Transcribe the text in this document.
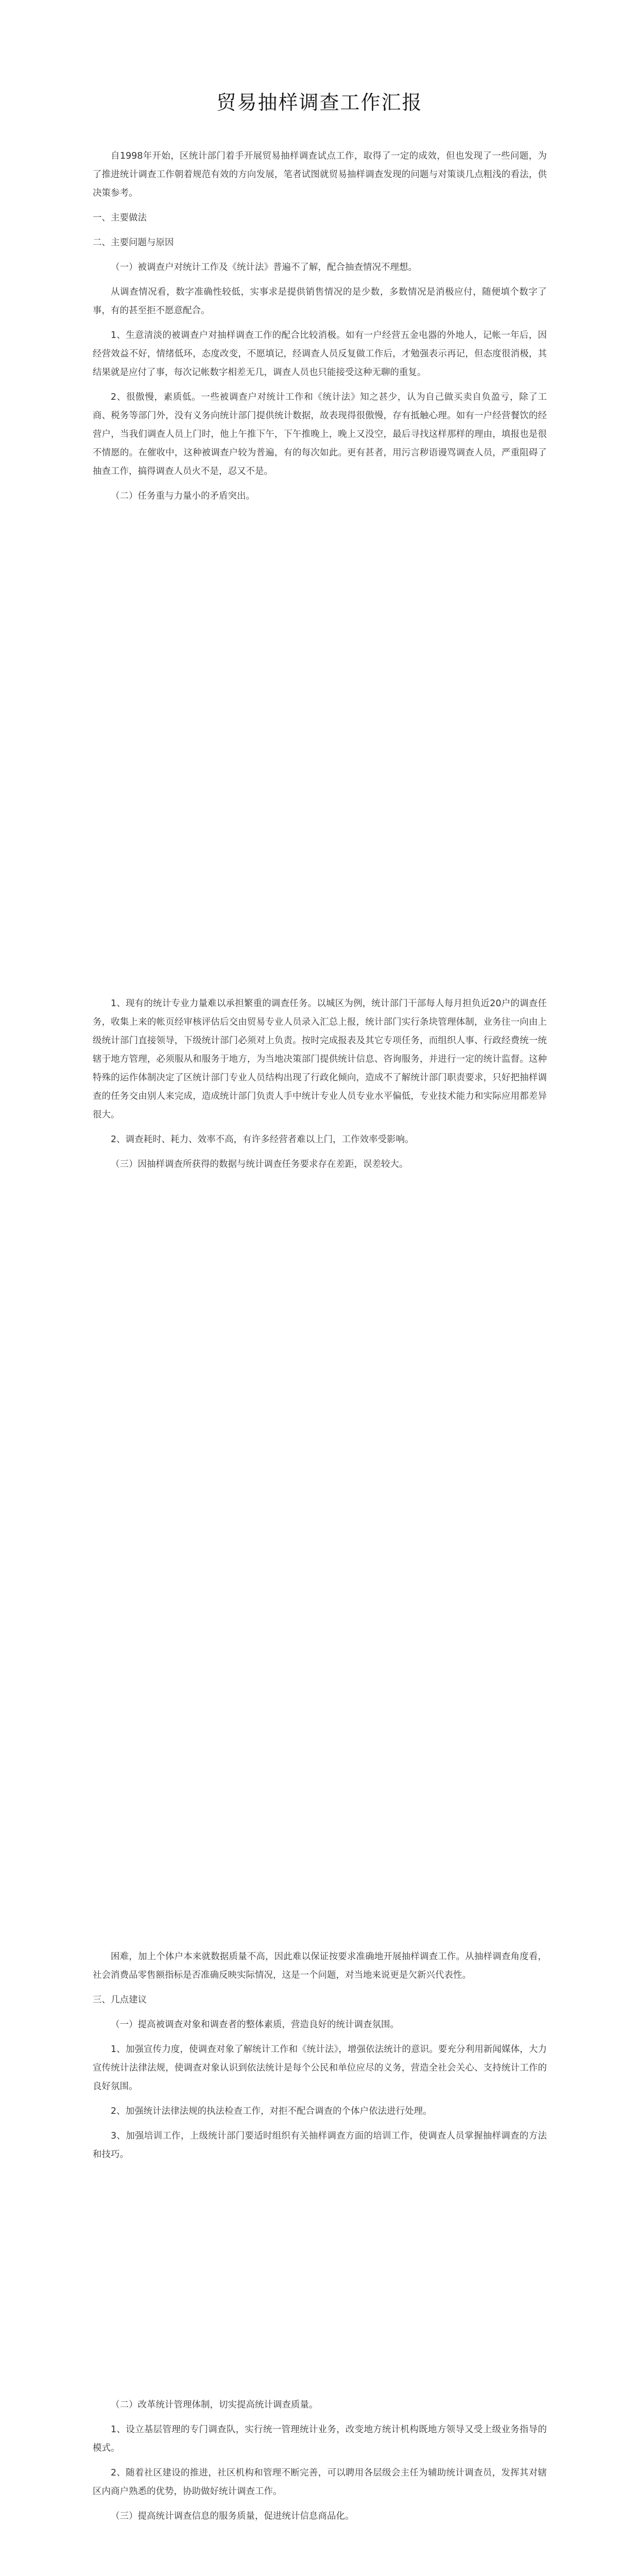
贸易抽样调查工作汇报

自1998年开始，区统计部门着手开展贸易抽样调查试点工作，取得了一定的成效，但也发现了一些问题，为了推进统计调查工作朝着规范有效的方向发展，笔者试图就贸易抽样调查发现的问题与对策谈几点粗浅的看法，供决策参考。

一、主要做法

二、主要问题与原因

（一）被调查户对统计工作及《统计法》普遍不了解，配合抽查情况不理想。

从调查情况看，数字准确性较低，实事求是提供销售情况的是少数，多数情况是消极应付，随便填个数字了事，有的甚至拒不愿意配合。

1、生意清淡的被调查户对抽样调查工作的配合比较消极。如有一户经营五金电器的外地人，记帐一年后，因经营效益不好，情绪低环，态度改变，不愿填记，经调查人员反复做工作后，才勉强表示再记，但态度很消极，其结果就是应付了事，每次记帐数字相差无几，调查人员也只能接受这种无聊的重复。

2、很傲慢，素质低。一些被调查户对统计工作和《统计法》知之甚少，认为自己做买卖自负盈亏，除了工商、税务等部门外，没有义务向统计部门提供统计数据，故表现得很傲慢，存有抵触心理。如有一户经营餐饮的经营户，当我们调查人员上门时，他上午推下午，下午推晚上，晚上又没空，最后寻找这样那样的理由，填报也是很不情愿的。在催收中，这种被调查户较为普遍，有的每次如此。更有甚者，用污言秽语谩骂调查人员，严重阻碍了抽查工作，搞得调查人员火不是，忍又不是。

（二）任务重与力量小的矛盾突出。

1、现有的统计专业力量难以承担繁重的调查任务。以城区为例，统计部门干部每人每月担负近20户的调查任务，收集上来的帐页经审核评估后交由贸易专业人员录入汇总上报，统计部门实行条块管理体制，业务往一向由上级统计部门直接领导，下级统计部门必须对上负责。按时完成报表及其它专项任务，而组织人事、行政经费统一统辖于地方管理，必须服从和服务于地方，为当地决策部门提供统计信息、咨询服务，并进行一定的统计监督。这种特殊的运作体制决定了区统计部门专业人员结构出现了行政化倾向，造成不了解统计部门职责要求，只好把抽样调查的任务交由别人来完成，造成统计部门负责人手中统计专业人员专业水平偏低，专业技术能力和实际应用都差异很大。

2、调查耗时、耗力、效率不高，有许多经营者难以上门，工作效率受影响。

（三）因抽样调查所获得的数据与统计调查任务要求存在差距，误差较大。

困难，加上个体户本来就数据质量不高，因此难以保证按要求准确地开展抽样调查工作。从抽样调查角度看，社会消费品零售额指标是否准确反映实际情况，这是一个问题，对当地来说更是欠新兴代表性。

三、几点建议

（一）提高被调查对象和调查者的整体素质，营造良好的统计调查氛围。

1、加强宣传力度，使调查对象了解统计工作和《统计法》，增强依法统计的意识。要充分利用新闻媒体，大力宣传统计法律法规，使调查对象认识到依法统计是每个公民和单位应尽的义务，营造全社会关心、支持统计工作的良好氛围。

2、加强统计法律法规的执法检查工作，对拒不配合调查的个体户依法进行处理。

3、加强培训工作，上级统计部门要适时组织有关抽样调查方面的培训工作，使调查人员掌握抽样调查的方法和技巧。

（二）改革统计管理体制，切实提高统计调查质量。

1、设立基层管理的专门调查队，实行统一管理统计业务，改变地方统计机构既地方领导又受上级业务指导的模式。

2、随着社区建设的推进，社区机构和管理不断完善，可以聘用各层级会主任为辅助统计调查员，发挥其对辖区内商户熟悉的优势，协助做好统计调查工作。

（三）提高统计调查信息的服务质量，促进统计信息商品化。
